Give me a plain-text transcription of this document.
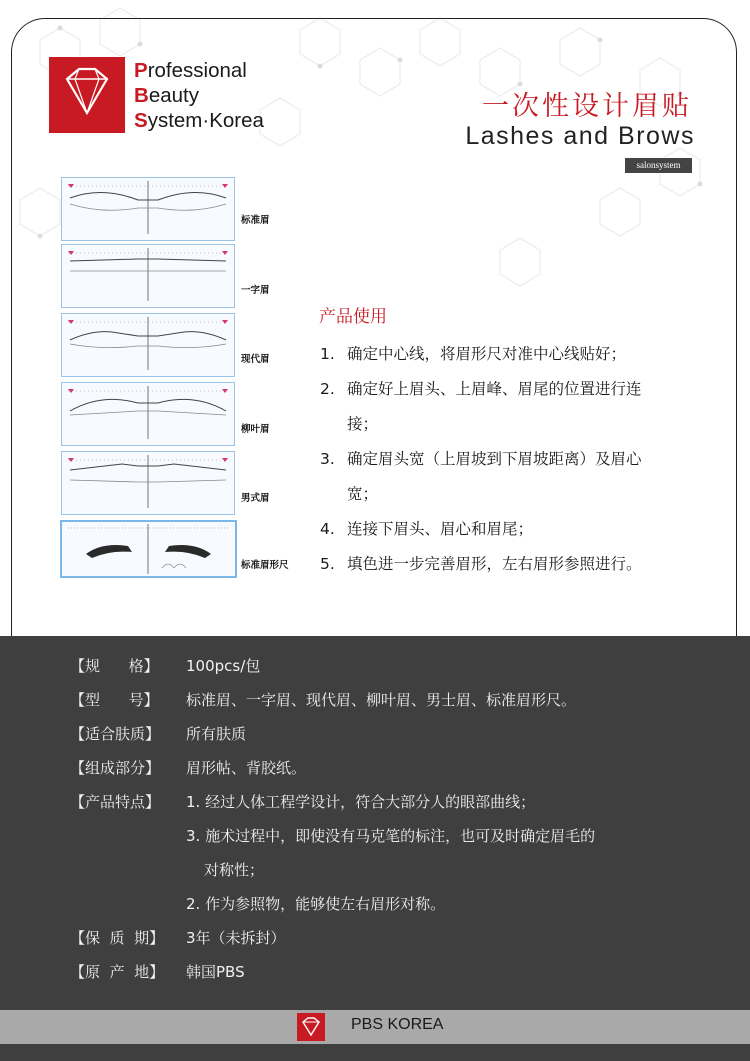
Professional
Beauty
System·Korea	一次性设计眉贴
Lashes and Brows
salonsystem
标准眉
一字眉
现代眉
柳叶眉
男式眉
标准眉形尺
产品使用
1. 确定中心线，将眉形尺对准中心线贴好；
2. 确定好上眉头、上眉峰、眉尾的位置进行连
接；
3. 确定眉头宽（上眉坡到下眉坡距离）及眉心
宽；
4. 连接下眉头、眉心和眉尾；
5. 填色进一步完善眉形，左右眉形参照进行。
【规      格】	100pcs/包
【型      号】	标准眉、一字眉、现代眉、柳叶眉、男士眉、标准眉形尺。
【适合肤质】	所有肤质
【组成部分】	眉形帖、背胶纸。
【产品特点】	1. 经过人体工程学设计，符合大部分人的眼部曲线；
3. 施术过程中，即使没有马克笔的标注，也可及时确定眉毛的
对称性；
2. 作为参照物，能够使左右眉形对称。
【保  质  期】	3年（未拆封）
【原  产  地】	韩国PBS
PBS KOREA
